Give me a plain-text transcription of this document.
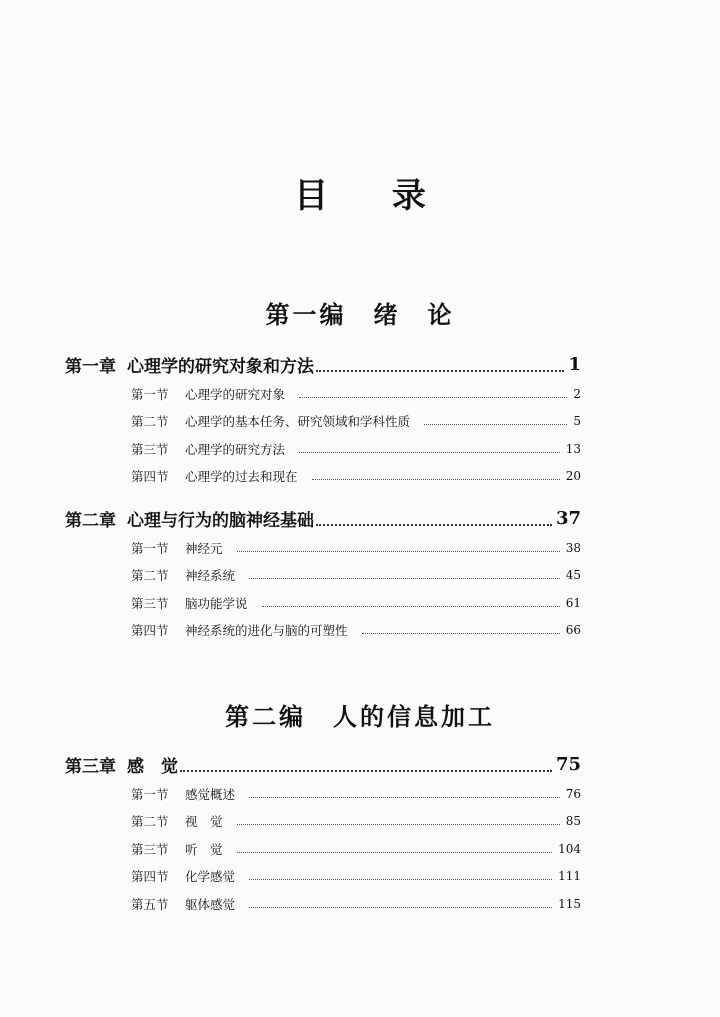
目 录
第一编　绪　论
第一章 心理学的研究对象和方法	1
第一节	心理学的研究对象	2
第二节	心理学的基本任务、研究领域和学科性质	5
第三节	心理学的研究方法	13
第四节	心理学的过去和现在	20
第二章 心理与行为的脑神经基础	37
第一节	神经元	38
第二节	神经系统	45
第三节	脑功能学说	61
第四节	神经系统的进化与脑的可塑性	66
第二编　人的信息加工
第三章 感　觉	75
第一节	感觉概述	76
第二节	视　觉	85
第三节	听　觉	104
第四节	化学感觉	111
第五节	躯体感觉	115
